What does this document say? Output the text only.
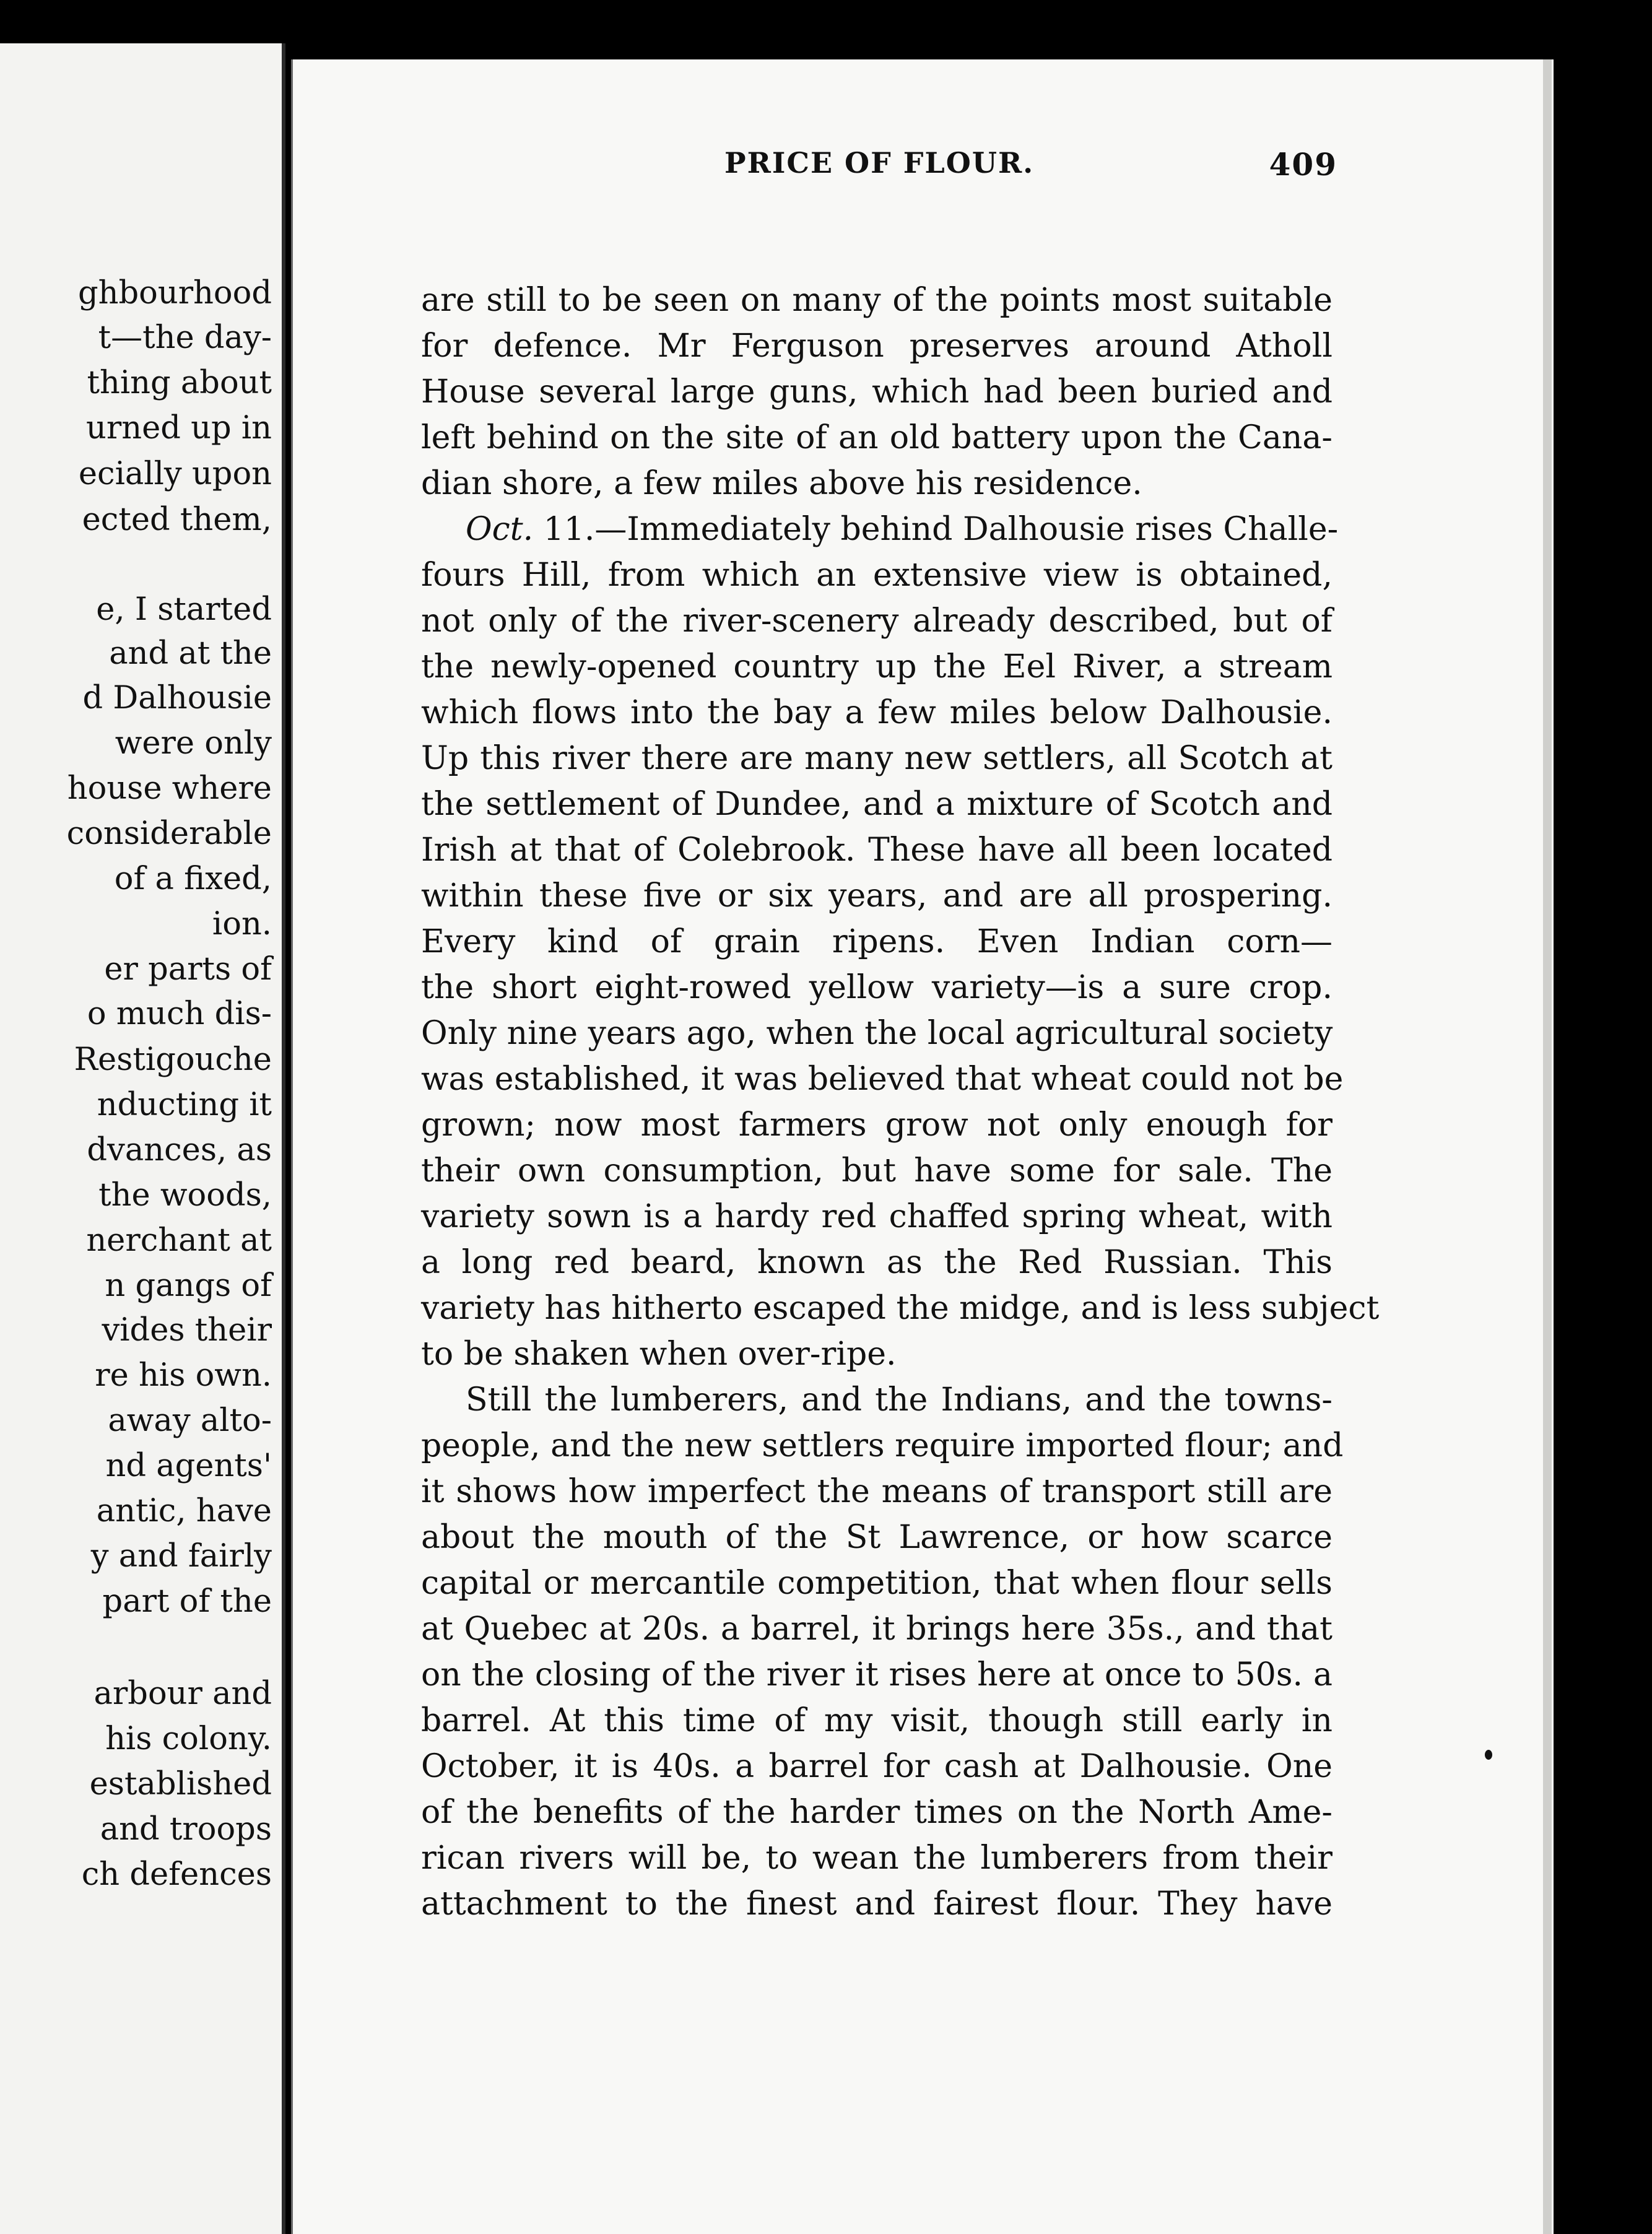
ghbourhood
t—the day-
thing about
urned up in
ecially upon
ected them,
e, I started
and at the
d Dalhousie
were only
house where
considerable
of a fixed,
ion.
er parts of
o much dis-
Restigouche
nducting it
dvances, as
the woods,
nerchant at
n gangs of
vides their
re his own.
away alto-
nd agents'
antic, have
y and fairly
part of the
arbour and
his colony.
established
and troops
ch defences
PRICE OF FLOUR.	409
are still to be seen on many of the points most suitable
for defence. Mr Ferguson preserves around Atholl
House several large guns, which had been buried and
left behind on the site of an old battery upon the Cana-
dian shore, a few miles above his residence.
Oct. 11.—Immediately behind Dalhousie rises Challe-
fours Hill, from which an extensive view is obtained,
not only of the river-scenery already described, but of
the newly-opened country up the Eel River, a stream
which flows into the bay a few miles below Dalhousie.
Up this river there are many new settlers, all Scotch at
the settlement of Dundee, and a mixture of Scotch and
Irish at that of Colebrook. These have all been located
within these five or six years, and are all prospering.
Every kind of grain ripens. Even Indian corn—
the short eight-rowed yellow variety—is a sure crop.
Only nine years ago, when the local agricultural society
was established, it was believed that wheat could not be
grown; now most farmers grow not only enough for
their own consumption, but have some for sale. The
variety sown is a hardy red chaffed spring wheat, with
a long red beard, known as the Red Russian. This
variety has hitherto escaped the midge, and is less subject
to be shaken when over-ripe.
Still the lumberers, and the Indians, and the towns-
people, and the new settlers require imported flour; and
it shows how imperfect the means of transport still are
about the mouth of the St Lawrence, or how scarce
capital or mercantile competition, that when flour sells
at Quebec at 20s. a barrel, it brings here 35s., and that
on the closing of the river it rises here at once to 50s. a
barrel. At this time of my visit, though still early in
October, it is 40s. a barrel for cash at Dalhousie. One
of the benefits of the harder times on the North Ame-
rican rivers will be, to wean the lumberers from their
attachment to the finest and fairest flour. They have
